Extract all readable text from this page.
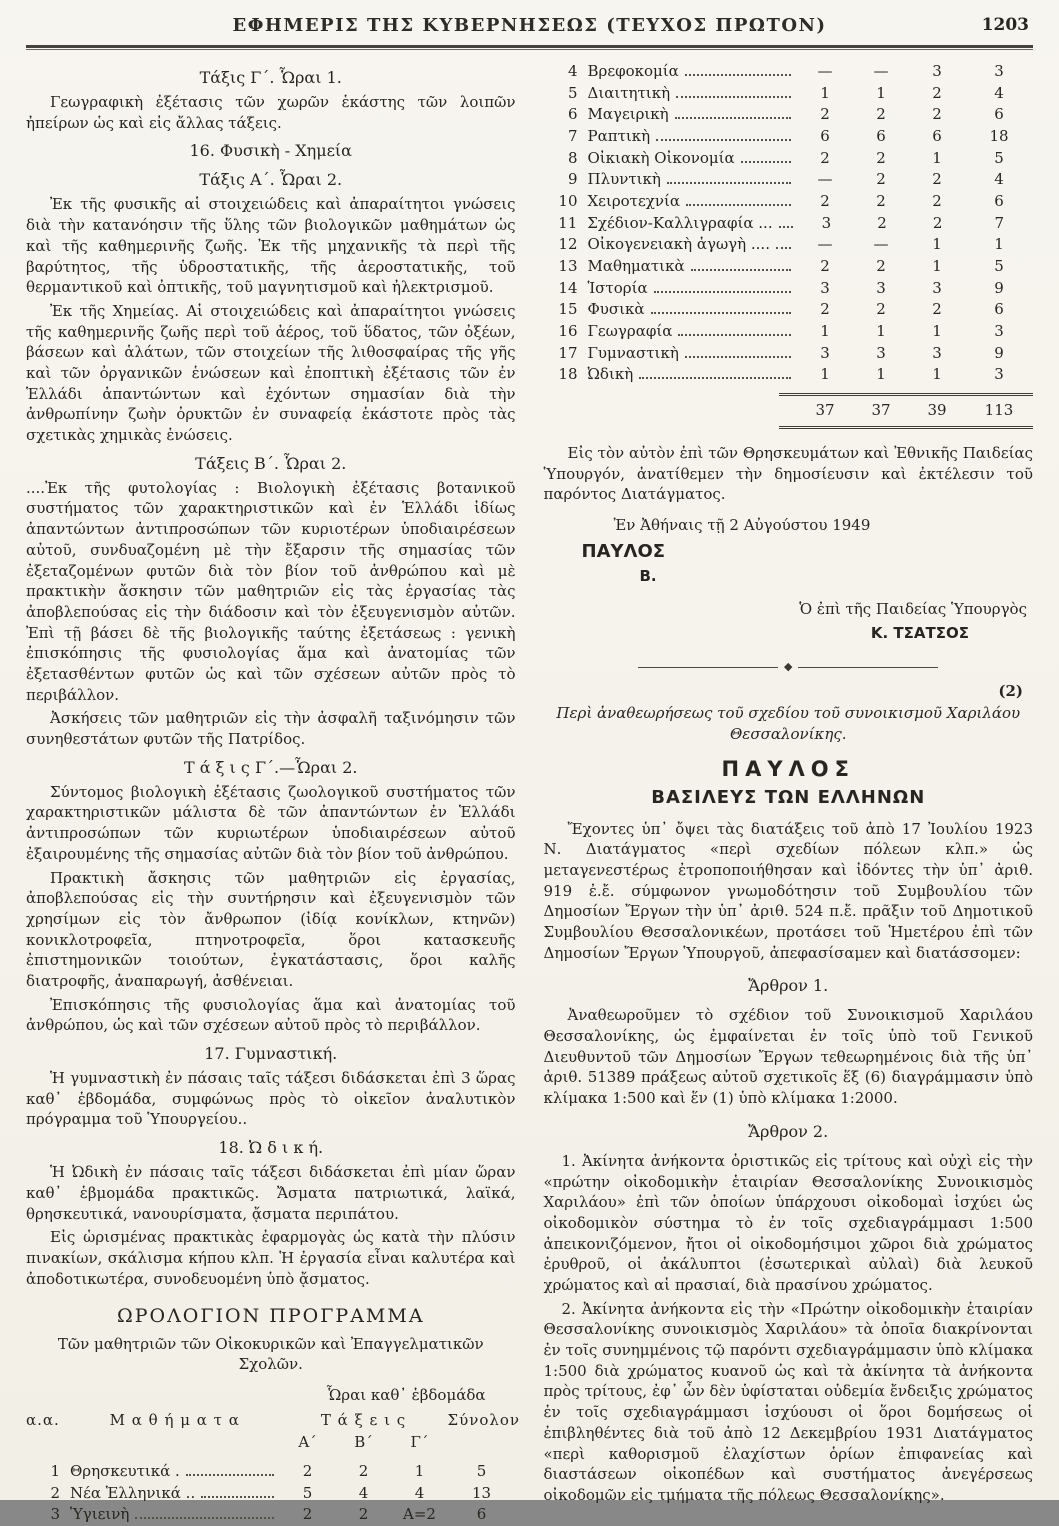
ΕΦΗΜΕΡΙΣ ΤΗΣ ΚΥΒΕΡΝΗΣΕΩΣ (ΤΕΥΧΟΣ ΠΡΩΤΟΝ)	1203
Τάξις Γ΄. Ὧραι 1.

Γεωγραφικὴ ἐξέτασις τῶν χωρῶν ἑκάστης τῶν λοιπῶν ἠπείρων ὡς καὶ εἰς ἄλλας τάξεις.

16. Φυσικὴ - Χημεία
Τάξις Α΄. Ὧραι 2.

Ἐκ τῆς φυσικῆς αἱ στοιχειώδεις καὶ ἀπαραίτητοι γνώσεις διὰ τὴν κατανόησιν τῆς ὕλης τῶν βιολογικῶν μαθημάτων ὡς καὶ τῆς καθημερινῆς ζωῆς. Ἐκ τῆς μηχανικῆς τὰ περὶ τῆς βαρύτητος, τῆς ὑδροστατικῆς, τῆς ἀεροστατικῆς, τοῦ θερμαντικοῦ καὶ ὀπτικῆς, τοῦ μαγνητισμοῦ καὶ ἠλεκτρισμοῦ.

Ἐκ τῆς Χημείας. Αἱ στοιχειώδεις καὶ ἀπαραίτητοι γνώσεις τῆς καθημερινῆς ζωῆς περὶ τοῦ ἀέρος, τοῦ ὕδατος, τῶν ὀξέων, βάσεων καὶ ἁλάτων, τῶν στοιχείων τῆς λιθοσφαίρας τῆς γῆς καὶ τῶν ὀργανικῶν ἑνώσεων καὶ ἐποπτικὴ ἐξέτασις τῶν ἐν Ἑλλάδι ἀπαντώντων καὶ ἐχόντων σημασίαν διὰ τὴν ἀνθρωπίνην ζωὴν ὀρυκτῶν ἐν συναφείᾳ ἑκάστοτε πρὸς τὰς σχετικὰς χημικὰς ἑνώσεις.

Τάξεις Β΄. Ὧραι 2.

....Ἐκ τῆς φυτολογίας : Βιολογικὴ ἐξέτασις βοτανικοῦ συστήματος τῶν χαρακτηριστικῶν καὶ ἐν Ἑλλάδι ἰδίως ἀπαντώντων ἀντιπροσώπων τῶν κυριοτέρων ὑποδιαιρέσεων αὐτοῦ, συνδυαζομένη μὲ τὴν ἔξαρσιν τῆς σημασίας τῶν ἐξεταζομένων φυτῶν διὰ τὸν βίον τοῦ ἀνθρώπου καὶ μὲ πρακτικὴν ἄσκησιν τῶν μαθητριῶν εἰς τὰς ἐργασίας τὰς ἀποβλεπούσας εἰς τὴν διάδοσιν καὶ τὸν ἐξευγενισμὸν αὐτῶν. Ἐπὶ τῇ βάσει δὲ τῆς βιολογικῆς ταύτης ἐξετάσεως : γενικὴ ἐπισκόπησις τῆς φυσιολογίας ἅμα καὶ ἀνατομίας τῶν ἐξετασθέντων φυτῶν ὡς καὶ τῶν σχέσεων αὐτῶν πρὸς τὸ περιβάλλον.

Ἀσκήσεις τῶν μαθητριῶν εἰς τὴν ἀσφαλῆ ταξινόμησιν τῶν συνηθεστάτων φυτῶν τῆς Πατρίδος.

Τ ά ξ ι ς Γ΄.—Ὧραι 2.

Σύντομος βιολογικὴ ἐξέτασις ζωολογικοῦ συστήματος τῶν χαρακτηριστικῶν μάλιστα δὲ τῶν ἀπαντώντων ἐν Ἑλλάδι ἀντιπροσώπων τῶν κυριωτέρων ὑποδιαιρέσεων αὐτοῦ ἐξαιρουμένης τῆς σημασίας αὐτῶν διὰ τὸν βίον τοῦ ἀνθρώπου.

Πρακτικὴ ἄσκησις τῶν μαθητριῶν εἰς ἐργασίας, ἀποβλεπούσας εἰς τὴν συντήρησιν καὶ ἐξευγενισμὸν τῶν χρησίμων εἰς τὸν ἄνθρωπον (ἰδίᾳ κονίκλων, κτηνῶν) κονικλοτροφεῖα, πτηνοτροφεῖα, ὅροι κατασκευῆς ἐπιστημονικῶν τοιούτων, ἐγκατάστασις, ὅροι καλῆς διατροφῆς, ἀναπαρωγή, ἀσθένειαι.

Ἐπισκόπησις τῆς φυσιολογίας ἅμα καὶ ἀνατομίας τοῦ ἀνθρώπου, ὡς καὶ τῶν σχέσεων αὐτοῦ πρὸς τὸ περιβάλλον.

17. Γυμναστική.

Ἡ γυμναστικὴ ἐν πάσαις ταῖς τάξεσι διδάσκεται ἐπὶ 3 ὥρας καθ᾽ ἑβδομάδα, συμφώνως πρὸς τὸ οἰκεῖον ἀναλυτικὸν πρόγραμμα τοῦ Ὑπουργείου..

18. Ὠ δ ι κ ή.

Ἡ Ὠδικὴ ἐν πάσαις ταῖς τάξεσι διδάσκεται ἐπὶ μίαν ὥραν καθ᾽ ἑβμομάδα πρακτικῶς. Ἄσματα πατριωτικά, λαϊκά, θρησκευτικά, νανουρίσματα, ᾄσματα περιπάτου.

Εἰς ὡρισμένας πρακτικὰς ἐφαρμογὰς ὡς κατὰ τὴν πλύσιν πινακίων, σκάλισμα κήπου κλπ. Ἡ ἐργασία εἶναι καλυτέρα καὶ ἀποδοτικωτέρα, συνοδευομένη ὑπὸ ᾄσματος.

ΩΡΟΛΟΓΙΟΝ ΠΡΟΓΡΑΜΜΑ
Τῶν μαθητριῶν τῶν Οἰκοκυρικῶν καὶ Ἐπαγγελματικῶν Σχολῶν.
Ὧραι καθ᾽ ἑβδομάδα
α.α.	Μ α θ ή μ α τ α	Τ ά ξ ε ι ς	Σύνολον
Α΄	Β΄	Γ΄
1 Θρησκευτικά .	2	2	1	5
2 Νέα Ἑλληνικά ..	5	4	4	13
3 Ὑγιεινὴ	2	2	Α=2	6
4 Βρεφοκομία	—	—	3	3
5 Διαιτητικὴ	1	1	2	4
6 Μαγειρικὴ	2	2	2	6
7 Ραπτικὴ	6	6	6	18
8 Οἰκιακὴ Οἰκονομία	2	2	1	5
9 Πλυντικὴ	—	2	2	4
10 Χειροτεχνία	2	2	2	6
11 Σχέδιον-Καλλιγραφία ...	3	2	2	7
12 Οἰκογενειακὴ ἀγωγὴ ....	—	—	1	1
13 Μαθηματικὰ	2	2	1	5
14 Ἱστορία	3	3	3	9
15 Φυσικὰ	2	2	2	6
16 Γεωγραφία	1	1	1	3
17 Γυμναστικὴ	3	3	3	9
18 Ὠδικὴ	1	1	1	3
37	37	39	113

Εἰς τὸν αὐτὸν ἐπὶ τῶν Θρησκευμάτων καὶ Ἐθνικῆς Παιδείας Ὑπουργόν, ἀνατίθεμεν τὴν δημοσίευσιν καὶ ἐκτέλεσιν τοῦ παρόντος Διατάγματος.

Ἐν Ἀθήναις τῇ 2 Αὐγούστου 1949

ΠΑΥΛΟΣ
Β.

Ὁ ἐπὶ τῆς Παιδείας Ὑπουργὸς

Κ. ΤΣΑΤΣΟΣ
◆
(2)
Περὶ ἀναθεωρήσεως τοῦ σχεδίου τοῦ συνοικισμοῦ Χαριλάου Θεσσαλονίκης.
ΠΑΥΛΟΣ
ΒΑΣΙΛΕΥΣ ΤΩΝ ΕΛΛΗΝΩΝ

Ἔχοντες ὑπ᾽ ὄψει τὰς διατάξεις τοῦ ἀπὸ 17 Ἰουλίου 1923 Ν. Διατάγματος «περὶ σχεδίων πόλεων κλπ.» ὡς μεταγενεστέρως ἐτροποποιήθησαν καὶ ἰδόντες τὴν ὑπ᾽ ἀριθ. 919 ἐ.ἔ. σύμφωνον γνωμοδότησιν τοῦ Συμβουλίου τῶν Δημοσίων Ἔργων τὴν ὑπ᾽ ἀριθ. 524 π.ἔ. πρᾶξιν τοῦ Δημοτικοῦ Συμβουλίου Θεσσαλονικέων, προτάσει τοῦ Ἡμετέρου ἐπὶ τῶν Δημοσίων Ἔργων Ὑπουργοῦ, ἀπεφασίσαμεν καὶ διατάσσομεν:

Ἄρθρον 1.

Ἀναθεωροῦμεν τὸ σχέδιον τοῦ Συνοικισμοῦ Χαριλάου Θεσσαλονίκης, ὡς ἐμφαίνεται ἐν τοῖς ὑπὸ τοῦ Γενικοῦ Διευθυντοῦ τῶν Δημοσίων Ἔργων τεθεωρημένοις διὰ τῆς ὑπ᾽ ἀριθ. 51389 πράξεως αὐτοῦ σχετικοῖς ἕξ (6) διαγράμμασιν ὑπὸ κλίμακα 1:500 καὶ ἕν (1) ὑπὸ κλίμακα 1:2000.

Ἄρθρον 2.

1. Ἀκίνητα ἀνήκοντα ὁριστικῶς εἰς τρίτους καὶ οὐχὶ εἰς τὴν «πρώτην οἰκοδομικὴν ἑταιρίαν Θεσσαλονίκης Συνοικισμὸς Χαριλάου» ἐπὶ τῶν ὁποίων ὑπάρχουσι οἰκοδομαὶ ἰσχύει ὡς οἰκοδομικὸν σύστημα τὸ ἐν τοῖς σχεδιαγράμμασι 1:500 ἀπεικονιζόμενον, ἤτοι οἱ οἰκοδομήσιμοι χῶροι διὰ χρώματος ἐρυθροῦ, οἱ ἀκάλυπτοι (ἐσωτερικαὶ αὐλαὶ) διὰ λευκοῦ χρώματος καὶ αἱ πρασιαί, διὰ πρασίνου χρώματος.

2. Ἀκίνητα ἀνήκοντα εἰς τὴν «Πρώτην οἰκοδομικὴν ἑταιρίαν Θεσσαλονίκης συνοικισμὸς Χαριλάου» τὰ ὁποῖα διακρίνονται ἐν τοῖς συνημμένοις τῷ παρόντι σχεδιαγράμμασιν ὑπὸ κλίμακα 1:500 διὰ χρώματος κυανοῦ ὡς καὶ τὰ ἀκίνητα τὰ ἀνήκοντα πρὸς τρίτους, ἐφ᾽ ὧν δὲν ὑφίσταται οὐδεμία ἔνδειξις χρώματος ἐν τοῖς σχεδιαγράμμασι ἰσχύουσι οἱ ὅροι δομήσεως οἱ ἐπιβληθέντες διὰ τοῦ ἀπὸ 12 Δεκεμβρίου 1931 Διατάγματος «περὶ καθορισμοῦ ἐλαχίστων ὁρίων ἐπιφανείας καὶ διαστάσεων οἰκοπέδων καὶ συστήματος ἀνεγέρσεως οἰκοδομῶν εἰς τμήματα τῆς πόλεως Θεσσαλονίκης».
